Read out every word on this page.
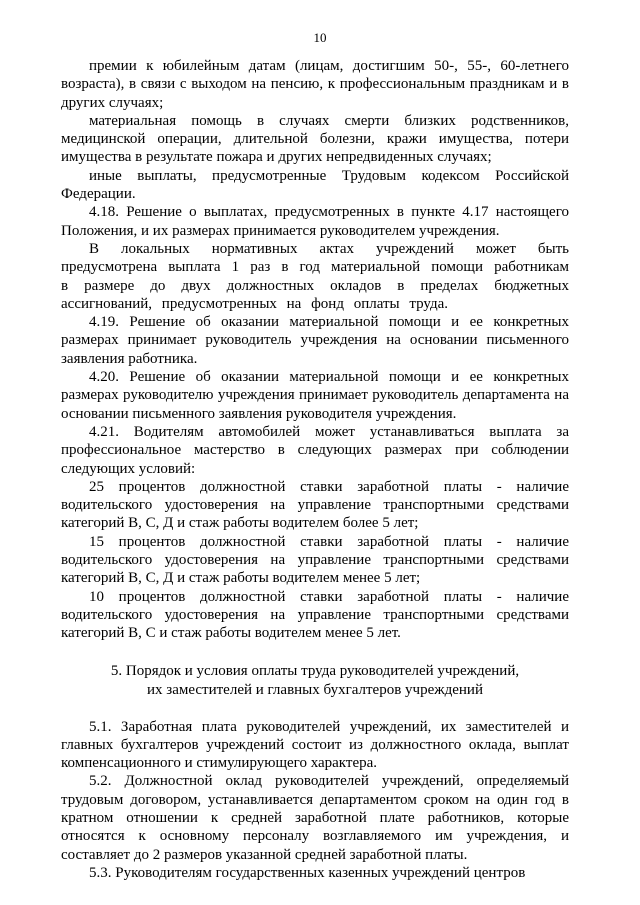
10

премии к юбилейным датам (лицам, достигшим 50-, 55-, 60-летнего возраста), в связи с выходом на пенсию, к профессиональным праздникам и в других случаях;

материальная помощь в случаях смерти близких родственников, медицинской операции, длительной болезни, кражи имущества, потери имущества в результате пожара и других непредвиденных случаях;

иные выплаты, предусмотренные Трудовым кодексом Российской Федерации.

4.18. Решение о выплатах, предусмотренных в пункте 4.17 настоящего Положения, и их размерах принимается руководителем учреждения.

В локальных нормативных актах учреждений может быть предусмотрена выплата 1 раз в год материальной помощи работникам в размере до двух должностных окладов в пределах бюджетных ассигнований, предусмотренных на фонд оплаты труда.

4.19. Решение об оказании материальной помощи и ее конкретных размерах принимает руководитель учреждения на основании письменного заявления работника.

4.20. Решение об оказании материальной помощи и ее конкретных размерах руководителю учреждения принимает руководитель департамента на основании письменного заявления руководителя учреждения.

4.21. Водителям автомобилей может устанавливаться выплата за профессиональное мастерство в следующих размерах при соблюдении следующих условий:

25 процентов должностной ставки заработной платы - наличие водительского удостоверения на управление транспортными средствами категорий В, С, Д и стаж работы водителем более 5 лет;

15 процентов должностной ставки заработной платы - наличие водительского удостоверения на управление транспортными средствами категорий В, С, Д и стаж работы водителем менее 5 лет;

10 процентов должностной ставки заработной платы - наличие водительского удостоверения на управление транспортными средствами категорий В, С и стаж работы водителем менее 5 лет.

5. Порядок и условия оплаты труда руководителей учреждений,
их заместителей и главных бухгалтеров учреждений

5.1. Заработная плата руководителей учреждений, их заместителей и главных бухгалтеров учреждений состоит из должностного оклада, выплат компенсационного и стимулирующего характера.

5.2. Должностной оклад руководителей учреждений, определяемый трудовым договором, устанавливается департаментом сроком на один год в кратном отношении к средней заработной плате работников, которые относятся к основному персоналу возглавляемого им учреждения, и составляет до 2 размеров указанной средней заработной платы.

5.3. Руководителям государственных казенных учреждений центров
